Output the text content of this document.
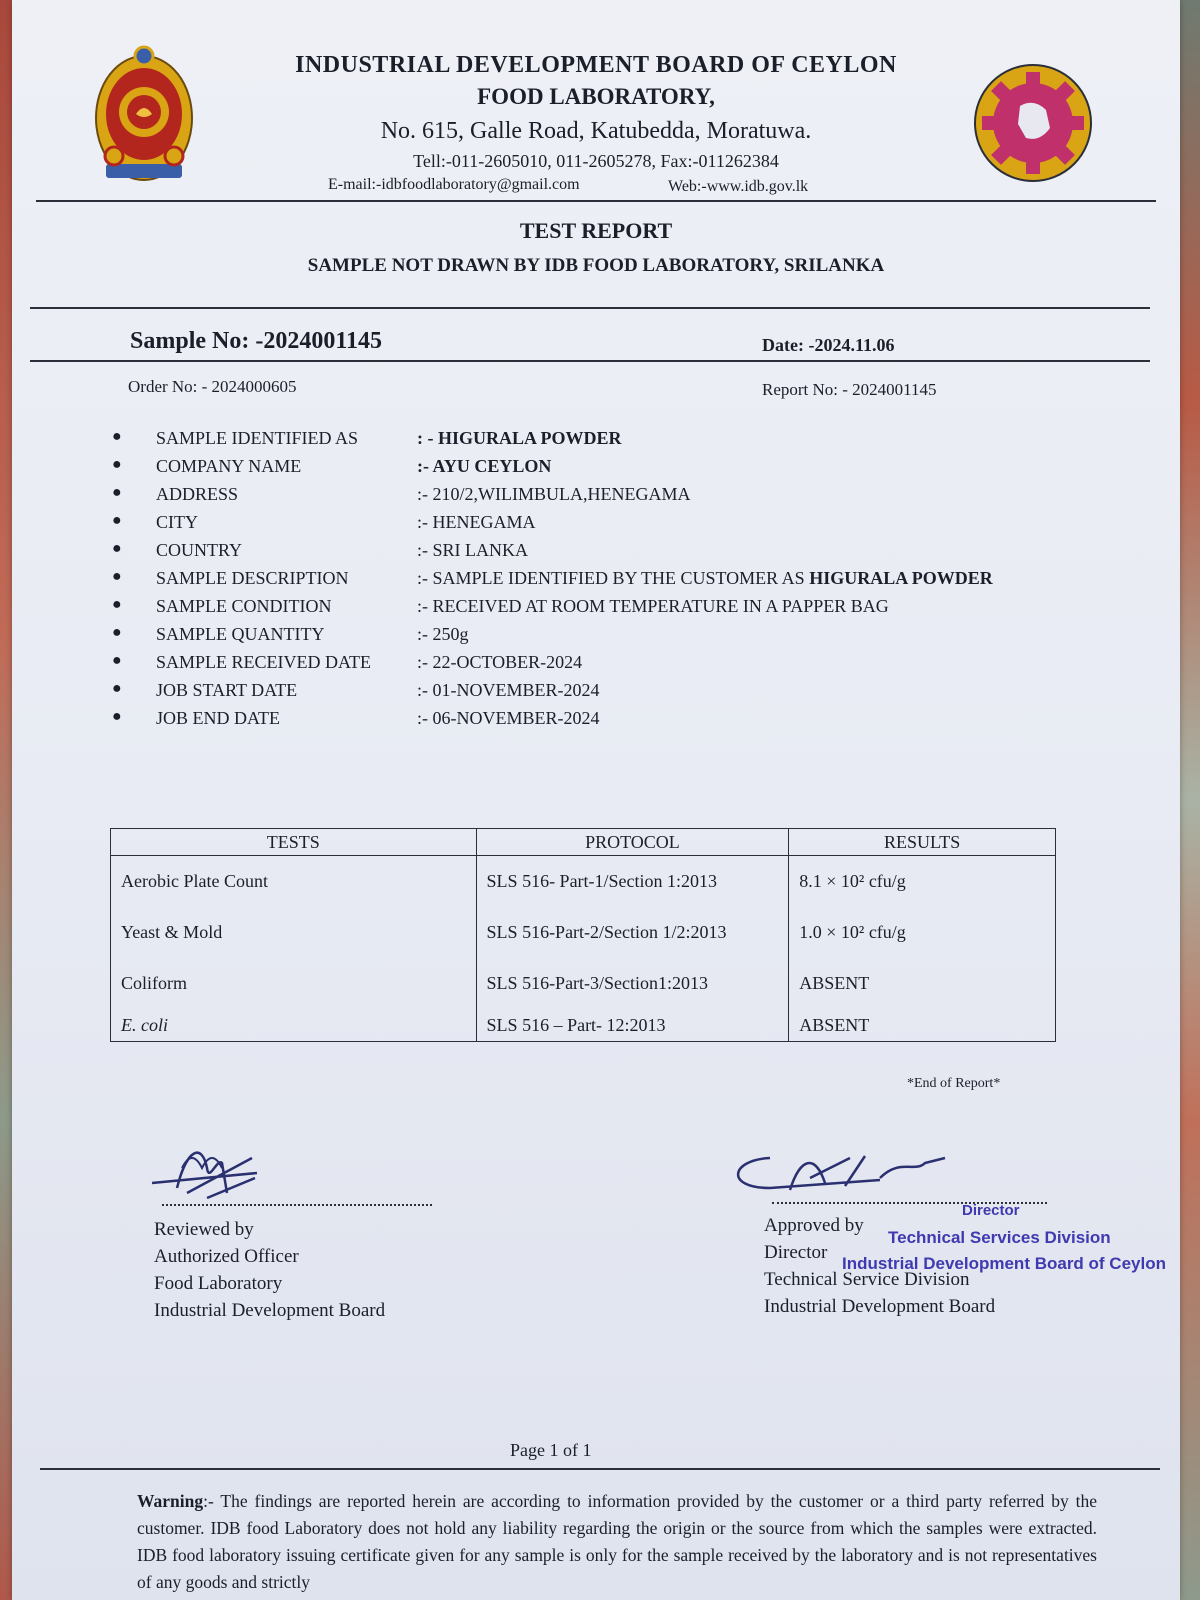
INDUSTRIAL DEVELOPMENT BOARD OF CEYLON
FOOD LABORATORY,
No. 615, Galle Road, Katubedda, Moratuwa.
Tell:-011-2605010, 011-2605278, Fax:-011262384
E-mail:-idbfoodlaboratory@gmail.com	Web:-www.idb.gov.lk
TEST REPORT
SAMPLE NOT DRAWN BY IDB FOOD LABORATORY, SRILANKA
Sample No: -2024001145	Date: -2024.11.06
Order No: - 2024000605	Report No: - 2024001145
● SAMPLE IDENTIFIED AS	: - HIGURALA POWDER
● COMPANY NAME	:- AYU CEYLON
● ADDRESS	:- 210/2,WILIMBULA,HENEGAMA
● CITY	:- HENEGAMA
● COUNTRY	:- SRI LANKA
● SAMPLE DESCRIPTION	:- SAMPLE IDENTIFIED BY THE CUSTOMER AS HIGURALA POWDER
● SAMPLE CONDITION	:- RECEIVED AT ROOM TEMPERATURE IN A PAPPER BAG
● SAMPLE QUANTITY	:- 250g
● SAMPLE RECEIVED DATE	:- 22-OCTOBER-2024
● JOB START DATE	:- 01-NOVEMBER-2024
● JOB END DATE	:- 06-NOVEMBER-2024
TESTS	PROTOCOL	RESULTS
Aerobic Plate Count	SLS 516- Part-1/Section 1:2013	8.1 × 10² cfu/g
Yeast & Mold	SLS 516-Part-2/Section 1/2:2013	1.0 × 10² cfu/g
Coliform	SLS 516-Part-3/Section1:2013	ABSENT
E. coli	SLS 516 – Part- 12:2013	ABSENT
*End of Report*
Reviewed by
Authorized Officer
Food Laboratory
Industrial Development Board
Approved by
Director
Technical Service Division
Industrial Development Board
Director
Technical Services Division
Industrial Development Board of Ceylon
Page 1 of 1
Warning:- The findings are reported herein are according to information provided by the customer or a third party referred by the customer. IDB food Laboratory does not hold any liability regarding the origin or the source from which the samples were extracted. IDB food laboratory issuing certificate given for any sample is only for the sample received by the laboratory and is not representatives of any goods and strictly
